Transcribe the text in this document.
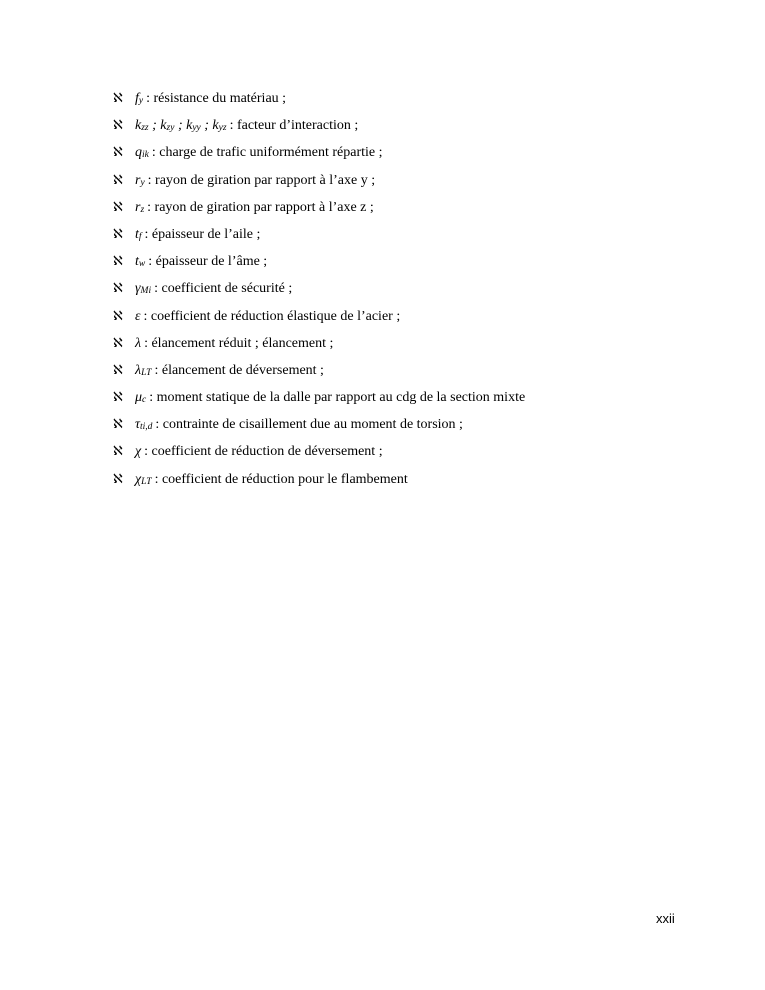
ℵ $f_y$ : résistance du matériau ;
ℵ $k_{zz}$ ; $k_{zy}$ ; $k_{yy}$ ; $k_{yz}$ : facteur d’interaction ;
ℵ $q_{ik}$ : charge de trafic uniformément répartie ;
ℵ $r_y$ : rayon de giration par rapport à l’axe y ;
ℵ $r_z$ : rayon de giration par rapport à l’axe z ;
ℵ $t_f$ : épaisseur de l’aile ;
ℵ $t_w$ : épaisseur de l’âme ;
ℵ $\gamma_{Mi}$ : coefficient de sécurité ;
ℵ ε : coefficient de réduction élastique de l’acier ;
ℵ λ : élancement réduit ; élancement ;
ℵ $\lambda_{LT}$ : élancement de déversement ;
ℵ $\mu_c$ : moment statique de la dalle par rapport au cdg de la section mixte
ℵ $\tau_{ti,d}$ : contrainte de cisaillement due au moment de torsion ;
ℵ χ : coefficient de réduction de déversement ;
ℵ $\chi_{LT}$ : coefficient de réduction pour le flambement
xxii
